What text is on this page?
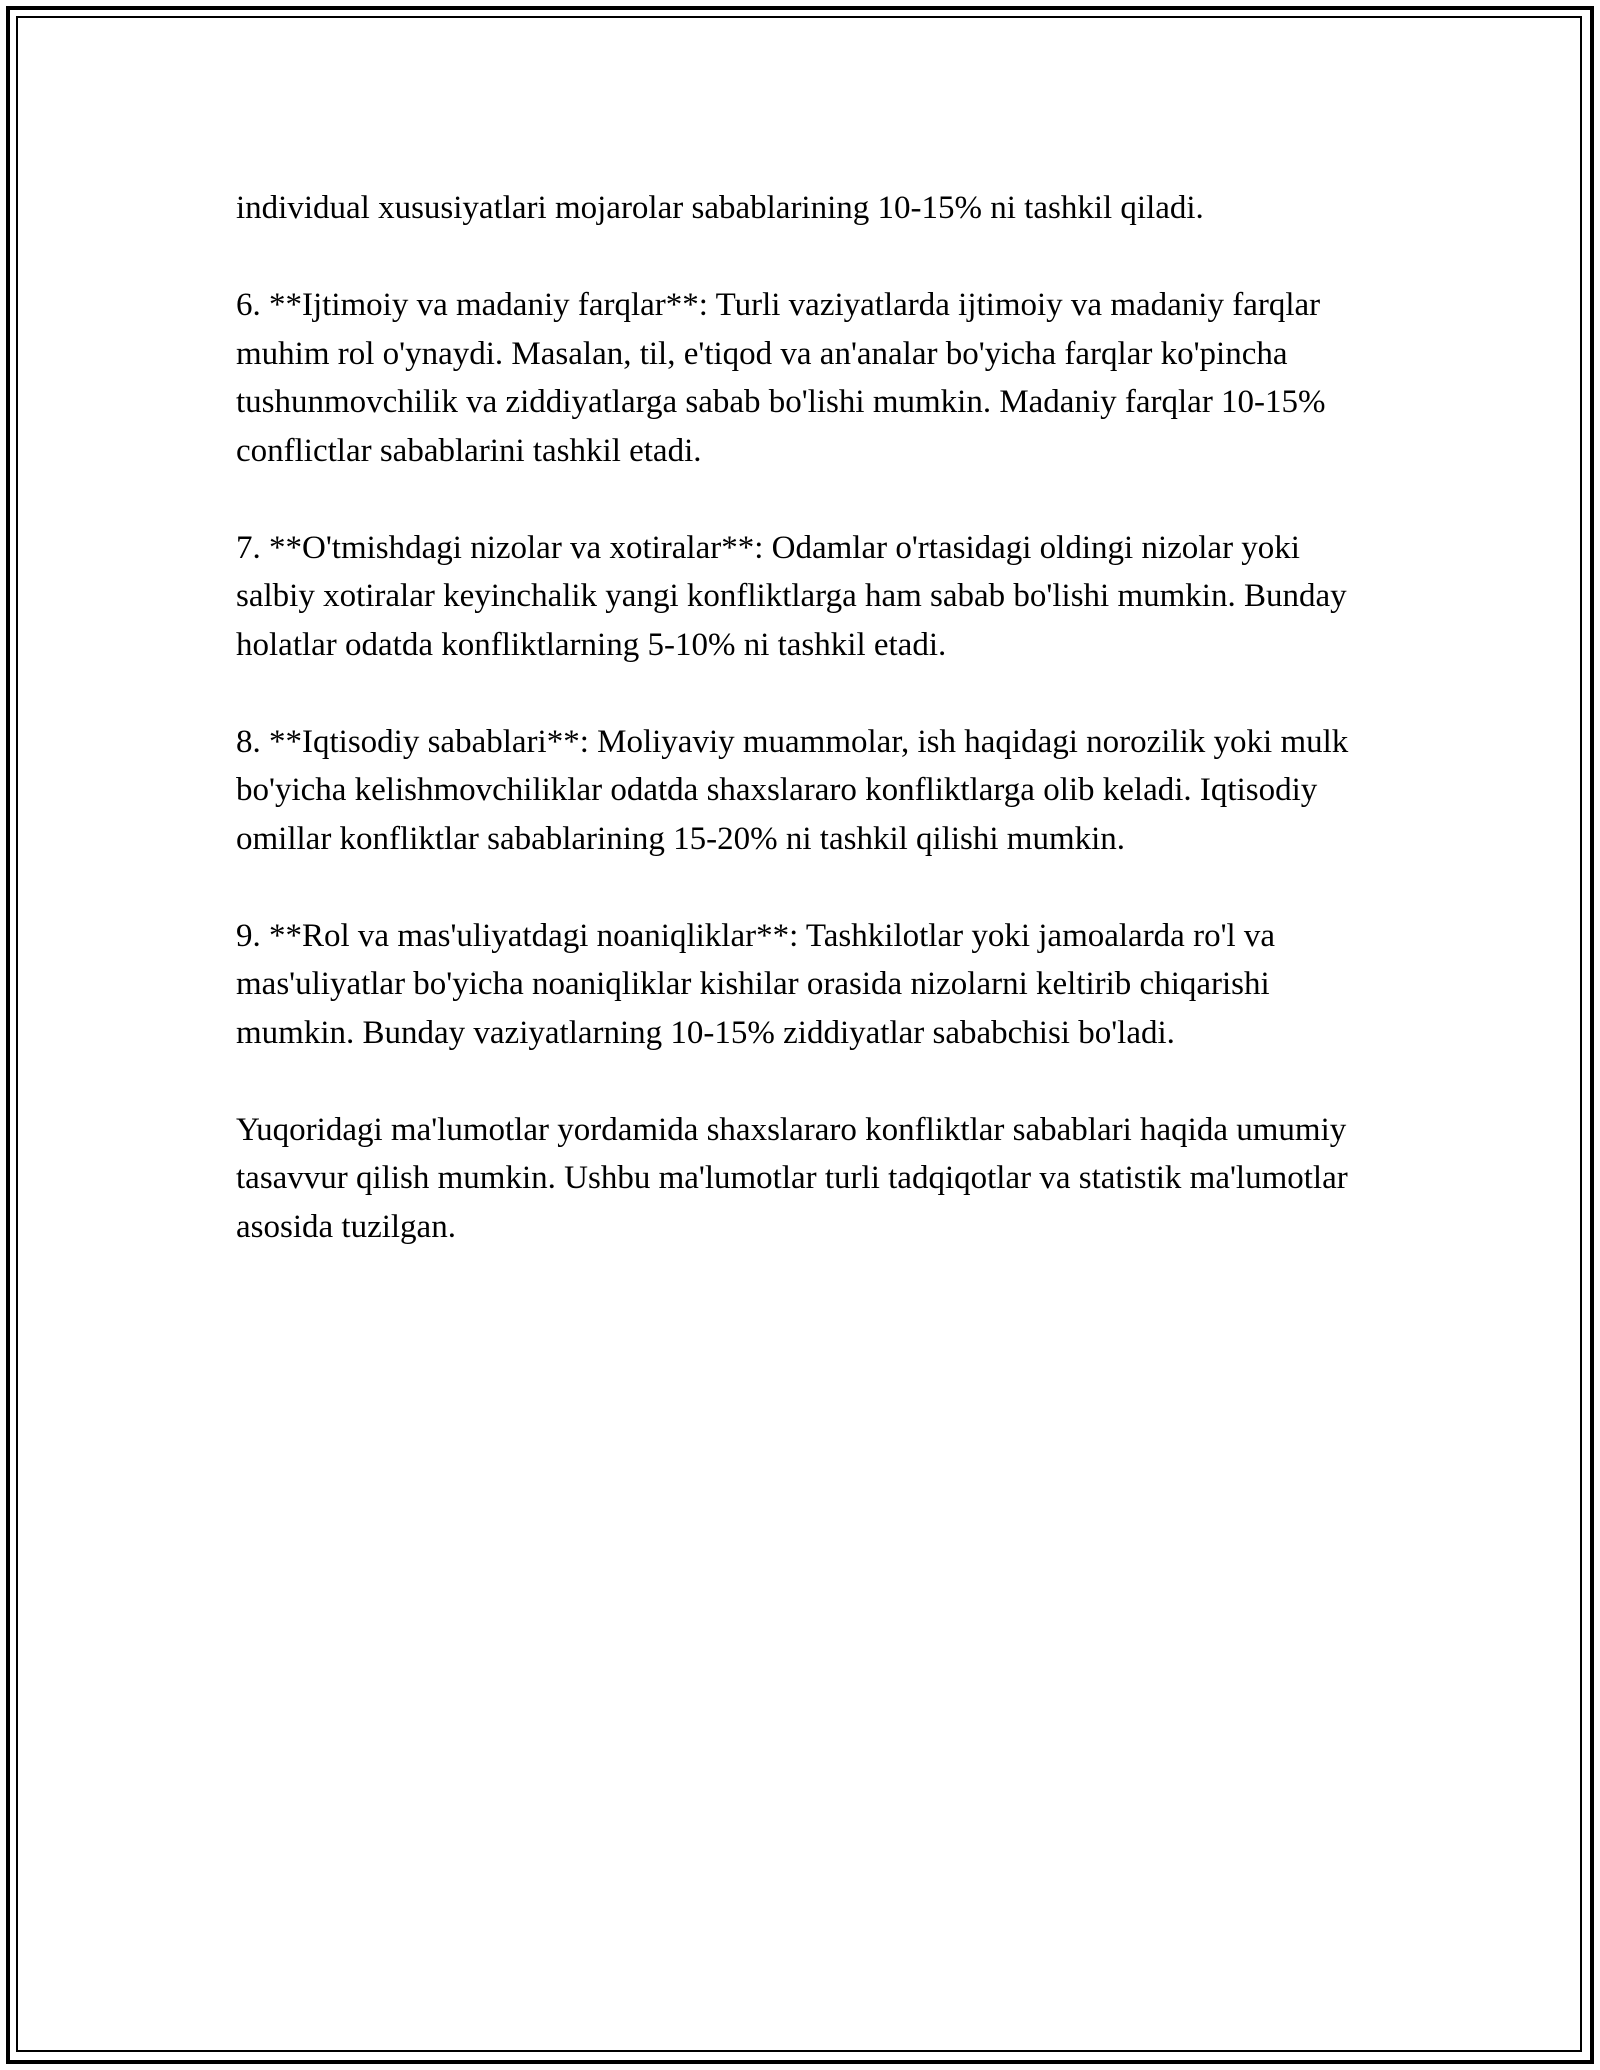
individual xususiyatlari mojarolar sabablarining 10-15% ni tashkil qiladi.

6. **Ijtimoiy va madaniy farqlar**: Turli vaziyatlarda ijtimoiy va madaniy farqlar muhim rol o'ynaydi. Masalan, til, e'tiqod va an'analar bo'yicha farqlar ko'pincha tushunmovchilik va ziddiyatlarga sabab bo'lishi mumkin. Madaniy farqlar 10-15% conflictlar sabablarini tashkil etadi.

7. **O'tmishdagi nizolar va xotiralar**: Odamlar o'rtasidagi oldingi nizolar yoki salbiy xotiralar keyinchalik yangi konfliktlarga ham sabab bo'lishi mumkin. Bunday holatlar odatda konfliktlarning 5-10% ni tashkil etadi.

8. **Iqtisodiy sabablari**: Moliyaviy muammolar, ish haqidagi norozilik yoki mulk bo'yicha kelishmovchiliklar odatda shaxslararo konfliktlarga olib keladi. Iqtisodiy omillar konfliktlar sabablarining 15-20% ni tashkil qilishi mumkin.

9. **Rol va mas'uliyatdagi noaniqliklar**: Tashkilotlar yoki jamoalarda ro'l va mas'uliyatlar bo'yicha noaniqliklar kishilar orasida nizolarni keltirib chiqarishi mumkin. Bunday vaziyatlarning 10-15% ziddiyatlar sababchisi bo'ladi.

Yuqoridagi ma'lumotlar yordamida shaxslararo konfliktlar sabablari haqida umumiy tasavvur qilish mumkin. Ushbu ma'lumotlar turli tadqiqotlar va statistik ma'lumotlar asosida tuzilgan.
